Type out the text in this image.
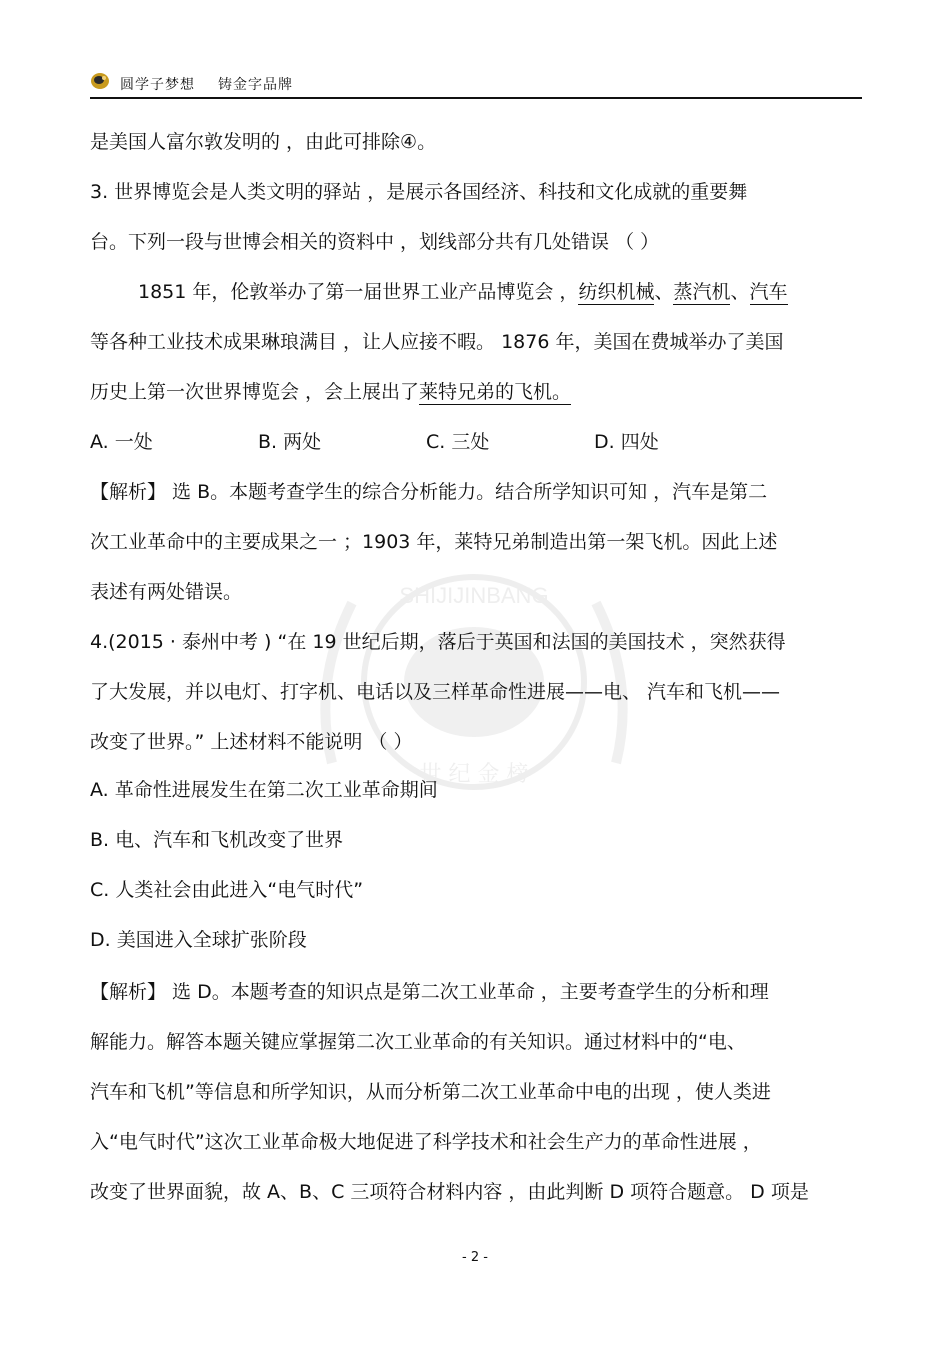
圆学子梦想 铸金字品牌
SHIJIJINBANG
世 纪 金 榜
是美国人富尔敦发明的 ，由此可排除④。
3. 世界博览会是人类文明的驿站 ，是展示各国经济、科技和文化成就的重要舞
台。下列一段与世博会相关的资料中 ，划线部分共有几处错误 （ ）
1851 年，伦敦举办了第一届世界工业产品博览会 ，纺织机械、蒸汽机、汽车
等各种工业技术成果琳琅满目 ，让人应接不暇。 1876 年，美国在费城举办了美国
历史上第一次世界博览会 ，会上展出了莱特兄弟的飞机。
A. 一处	B. 两处	C. 三处	D. 四处
【解析】 选 B。本题考查学生的综合分析能力。结合所学知识可知 ，汽车是第二
次工业革命中的主要成果之一 ；1903 年，莱特兄弟制造出第一架飞机。因此上述
表述有两处错误。
4.(2015 · 泰州中考 ) “在 19 世纪后期，落后于英国和法国的美国技术 ，突然获得
了大发展，并以电灯、打字机、电话以及三样革命性进展——电、 汽车和飞机——
改变了世界。” 上述材料不能说明 （ ）
A. 革命性进展发生在第二次工业革命期间
B. 电、汽车和飞机改变了世界
C. 人类社会由此进入“电气时代”
D. 美国进入全球扩张阶段
【解析】 选 D。本题考查的知识点是第二次工业革命 ，主要考查学生的分析和理
解能力。解答本题关键应掌握第二次工业革命的有关知识。通过材料中的“电、
汽车和飞机”等信息和所学知识，从而分析第二次工业革命中电的出现 ，使人类进
入“电气时代”这次工业革命极大地促进了科学技术和社会生产力的革命性进展 ，
改变了世界面貌，故 A、B、C 三项符合材料内容 ，由此判断 D 项符合题意。 D 项是
- 2 -
